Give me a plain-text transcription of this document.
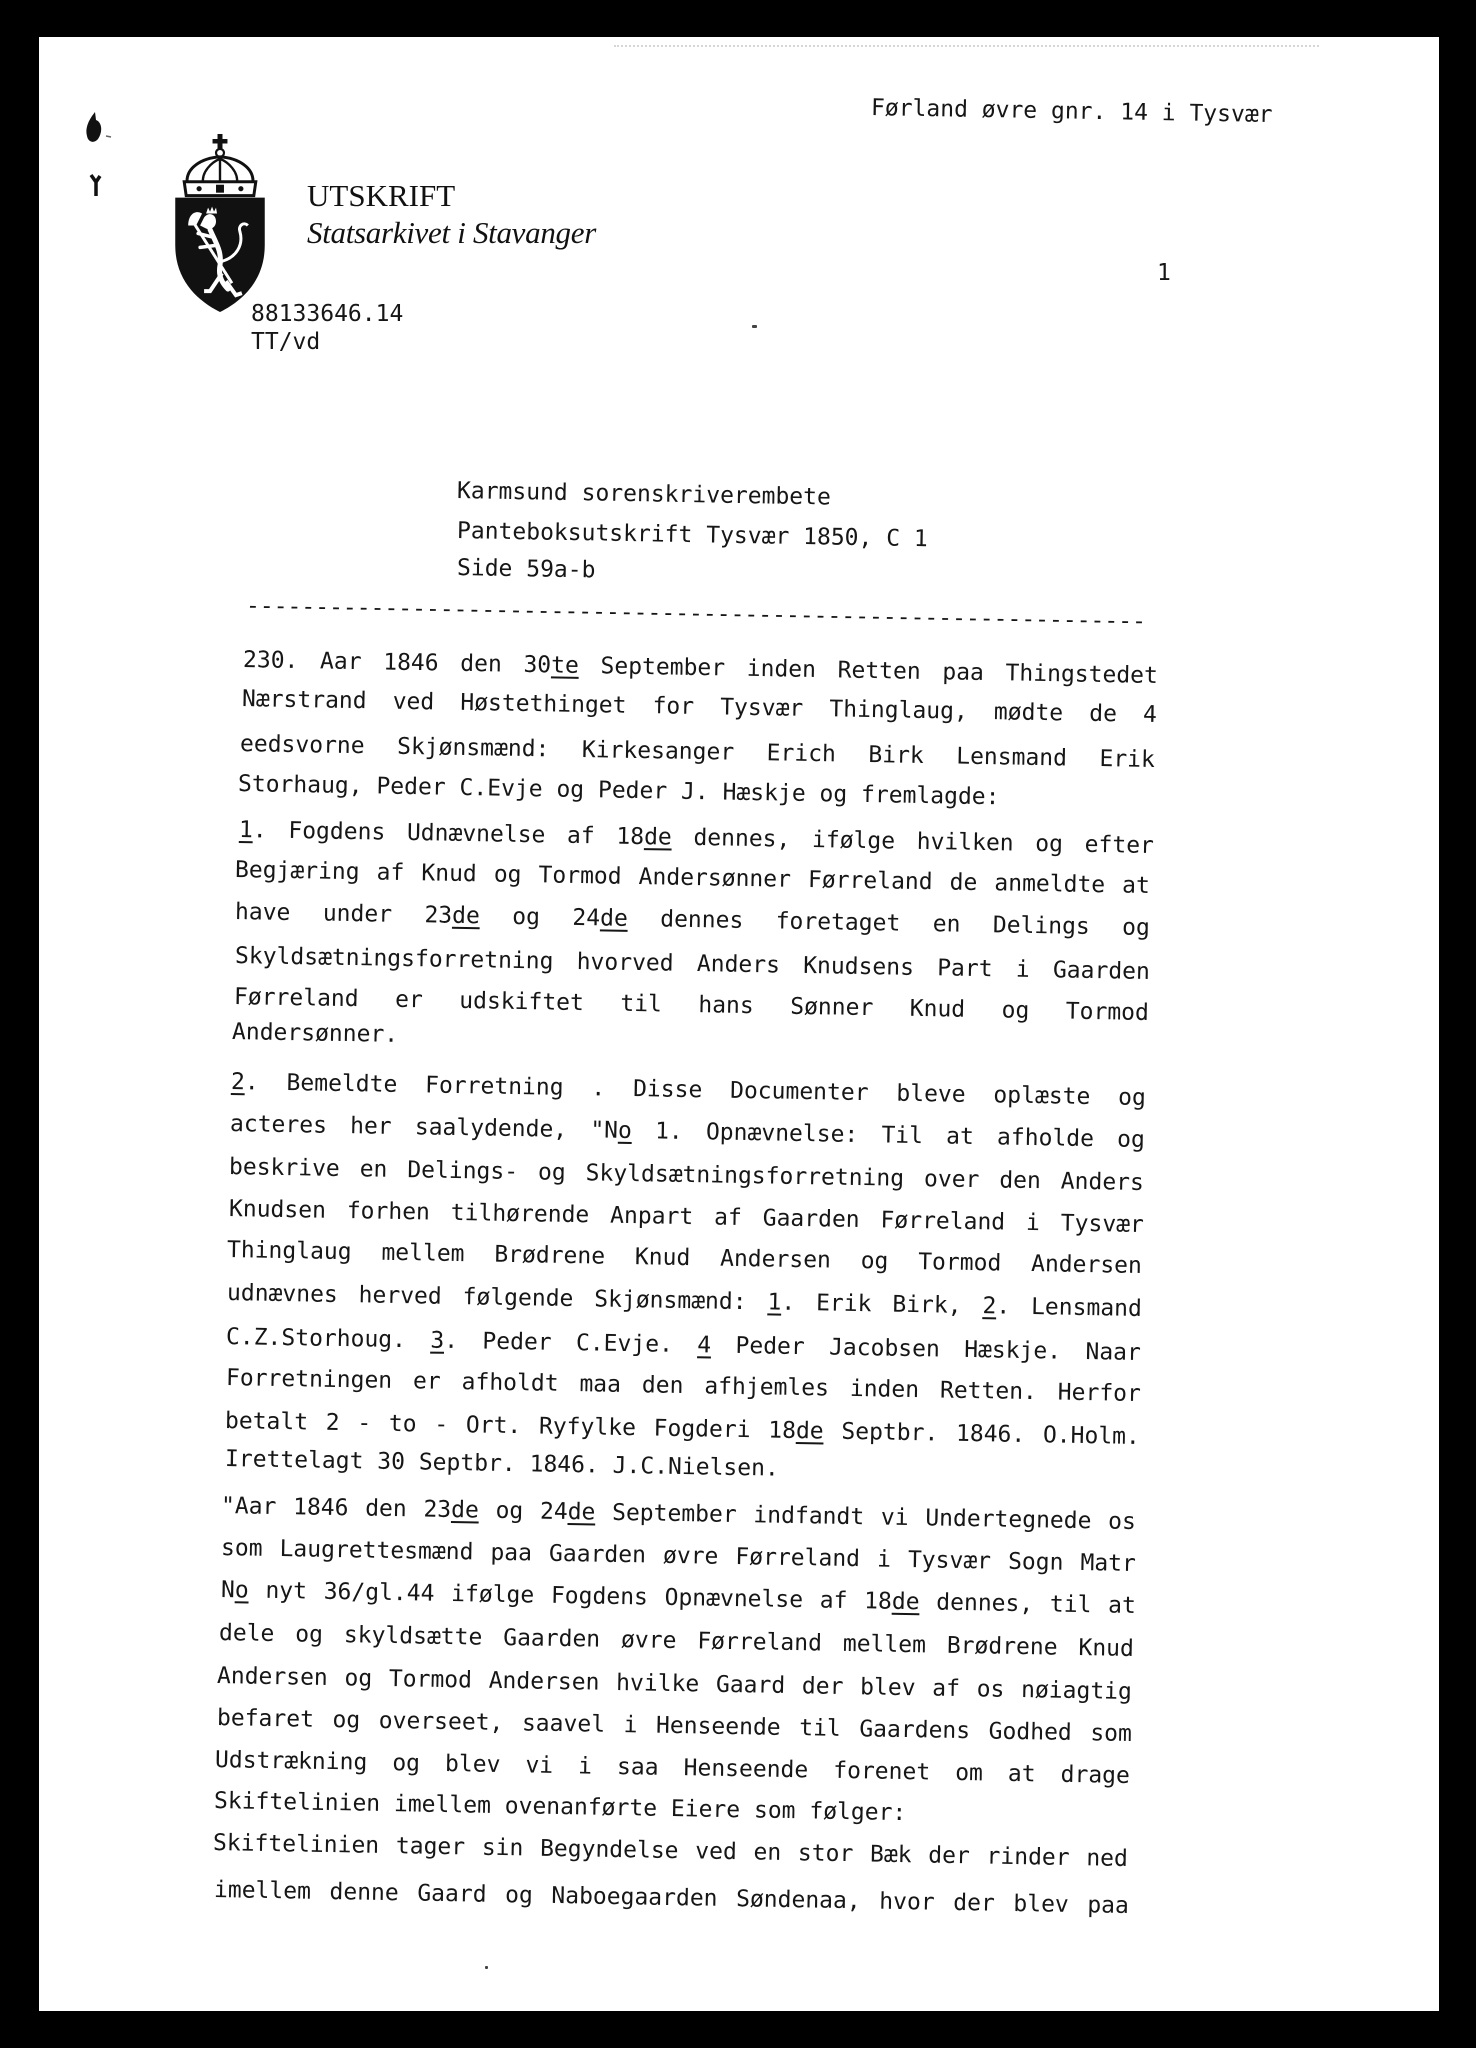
Førland øvre gnr. 14 i Tysvær
UTSKRIFT
Statsarkivet i Stavanger
1
88133646.14
TT/vd
Karmsund sorenskriverembete
Panteboksutskrift Tysvær 1850, C 1
Side 59a-b
-----------------------------------------------------------------
230. Aar 1846 den 30te September inden Retten paa Thingstedet
Nærstrand ved Høstethinget for Tysvær Thinglaug, mødte de 4
eedsvorne Skjønsmænd: Kirkesanger Erich Birk Lensmand Erik
Storhaug, Peder C.Evje og Peder J. Hæskje og fremlagde:
1. Fogdens Udnævnelse af 18de dennes, ifølge hvilken og efter
Begjæring af Knud og Tormod Andersønner Førreland de anmeldte at
have under 23de og 24de dennes foretaget en Delings og
Skyldsætningsforretning hvorved Anders Knudsens Part i Gaarden
Førreland er udskiftet til hans Sønner Knud og Tormod
Andersønner.
2. Bemeldte Forretning . Disse Documenter bleve oplæste og
acteres her saalydende, "No 1. Opnævnelse: Til at afholde og
beskrive en Delings- og Skyldsætningsforretning over den Anders
Knudsen forhen tilhørende Anpart af Gaarden Førreland i Tysvær
Thinglaug mellem Brødrene Knud Andersen og Tormod Andersen
udnævnes herved følgende Skjønsmænd: 1. Erik Birk, 2. Lensmand
C.Z.Storhoug. 3. Peder C.Evje. 4 Peder Jacobsen Hæskje. Naar
Forretningen er afholdt maa den afhjemles inden Retten. Herfor
betalt 2 - to - Ort. Ryfylke Fogderi 18de Septbr. 1846. O.Holm.
Irettelagt 30 Septbr. 1846. J.C.Nielsen.
"Aar 1846 den 23de og 24de September indfandt vi Undertegnede os
som Laugrettesmænd paa Gaarden øvre Førreland i Tysvær Sogn Matr
No nyt 36/gl.44 ifølge Fogdens Opnævnelse af 18de dennes, til at
dele og skyldsætte Gaarden øvre Førreland mellem Brødrene Knud
Andersen og Tormod Andersen hvilke Gaard der blev af os nøiagtig
befaret og overseet, saavel i Henseende til Gaardens Godhed som
Udstrækning og blev vi i saa Henseende forenet om at drage
Skiftelinien imellem ovenanførte Eiere som følger:
Skiftelinien tager sin Begyndelse ved en stor Bæk der rinder ned
imellem denne Gaard og Naboegaarden Søndenaa, hvor der blev paa
